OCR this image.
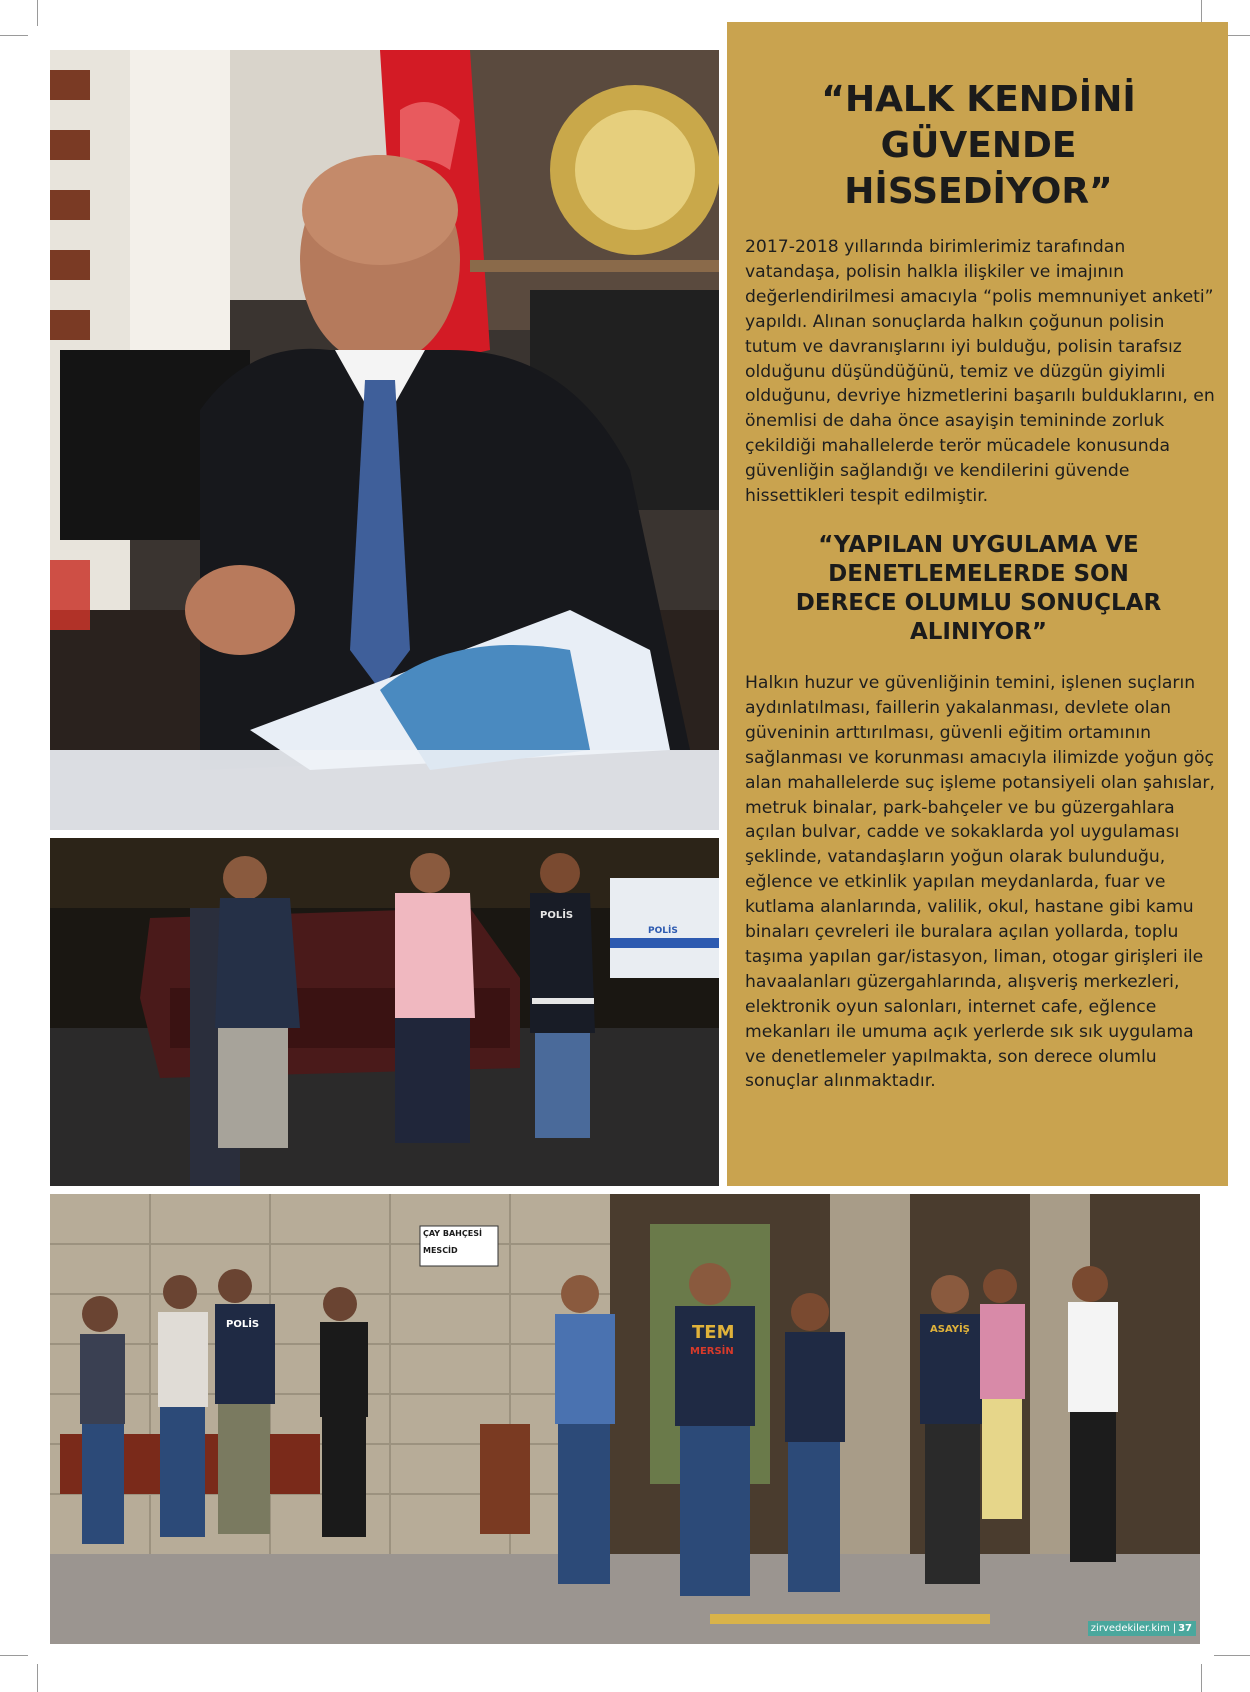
POLİS
POLİS
“HALK KENDİNİ GÜVENDE HİSSEDİYOR”

2017-2018 yıllarında birimlerimiz tarafından vatandaşa, polisin halkla ilişkiler ve imajının değerlendirilmesi amacıyla “polis memnuniyet anketi” yapıldı. Alınan sonuçlarda halkın çoğunun polisin tutum ve davranışlarını iyi bulduğu, polisin tarafsız olduğunu düşündüğünü, temiz ve düzgün giyimli olduğunu, devriye hizmetlerini başarılı bulduklarını, en önemlisi de daha önce asayişin temininde zorluk çekildiği mahallelerde terör mücadele konusunda güvenliğin sağlandığı ve kendilerini güvende hissettikleri tespit edilmiştir.

“YAPILAN UYGULAMA VE DENETLEMELERDE SON DERECE OLUMLU SONUÇLAR ALINIYOR”

Halkın huzur ve güvenliğinin temini, işlenen suçların aydınlatılması, faillerin yakalanması, devlete olan güveninin arttırılması, güvenli eğitim ortamının sağlanması ve korunması amacıyla ilimizde yoğun göç alan mahallelerde suç işleme potansiyeli olan şahıslar, metruk binalar, park-bahçeler ve bu güzergahlara açılan bulvar, cadde ve sokaklarda yol uygulaması şeklinde, vatandaşların yoğun olarak bulunduğu, eğlence ve etkinlik yapılan meydanlarda, fuar ve kutlama alanlarında, valilik, okul, hastane gibi kamu binaları çevreleri ile buralara açılan yollarda, toplu taşıma yapılan gar/istasyon, liman, otogar girişleri ile havaalanları güzergahlarında, alışveriş merkezleri, elektronik oyun salonları, internet cafe, eğlence mekanları ile umuma açık yerlerde sık sık uygulama ve denetlemeler yapılmakta, son derece olumlu sonuçlar alınmaktadır.

ÇAY BAHÇESİ
MESCİD
POLİS	TEM
MERSİN
ASAYİŞ
zirvedekiler.kim | 37
